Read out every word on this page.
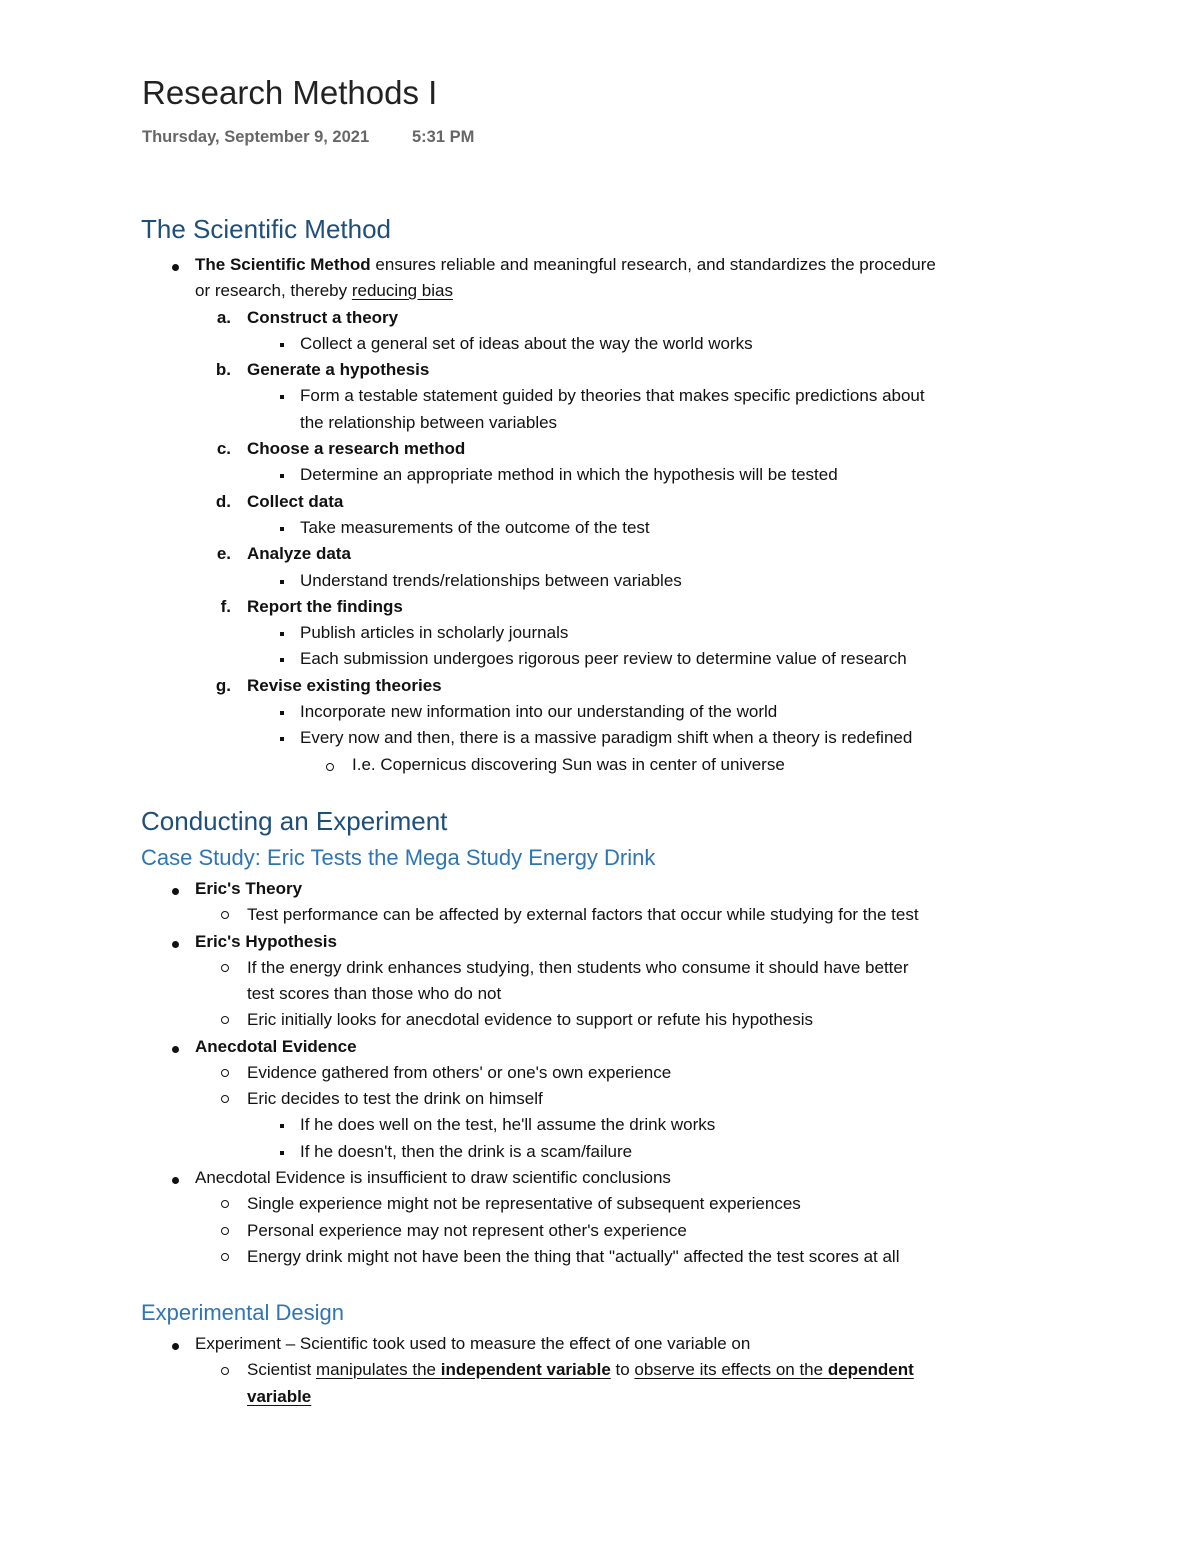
Research Methods I
Thursday, September 9, 2021	5:31 PM
The Scientific Method
The Scientific Method ensures reliable and meaningful research, and standardizes the procedure
or research, thereby reducing bias
a. Construct a theory
Collect a general set of ideas about the way the world works
b. Generate a hypothesis
Form a testable statement guided by theories that makes specific predictions about
the relationship between variables
c. Choose a research method
Determine an appropriate method in which the hypothesis will be tested
d. Collect data
Take measurements of the outcome of the test
e. Analyze data
Understand trends/relationships between variables
f. Report the findings
Publish articles in scholarly journals
Each submission undergoes rigorous peer review to determine value of research
g. Revise existing theories
Incorporate new information into our understanding of the world
Every now and then, there is a massive paradigm shift when a theory is redefined
I.e. Copernicus discovering Sun was in center of universe
Conducting an Experiment
Case Study: Eric Tests the Mega Study Energy Drink
Eric's Theory
Test performance can be affected by external factors that occur while studying for the test
Eric's Hypothesis
If the energy drink enhances studying, then students who consume it should have better
test scores than those who do not
Eric initially looks for anecdotal evidence to support or refute his hypothesis
Anecdotal Evidence
Evidence gathered from others' or one's own experience
Eric decides to test the drink on himself
If he does well on the test, he'll assume the drink works
If he doesn't, then the drink is a scam/failure
Anecdotal Evidence is insufficient to draw scientific conclusions
Single experience might not be representative of subsequent experiences
Personal experience may not represent other's experience
Energy drink might not have been the thing that "actually" affected the test scores at all
Experimental Design
Experiment – Scientific took used to measure the effect of one variable on
Scientist manipulates the independent variable to observe its effects on the dependent
variable
